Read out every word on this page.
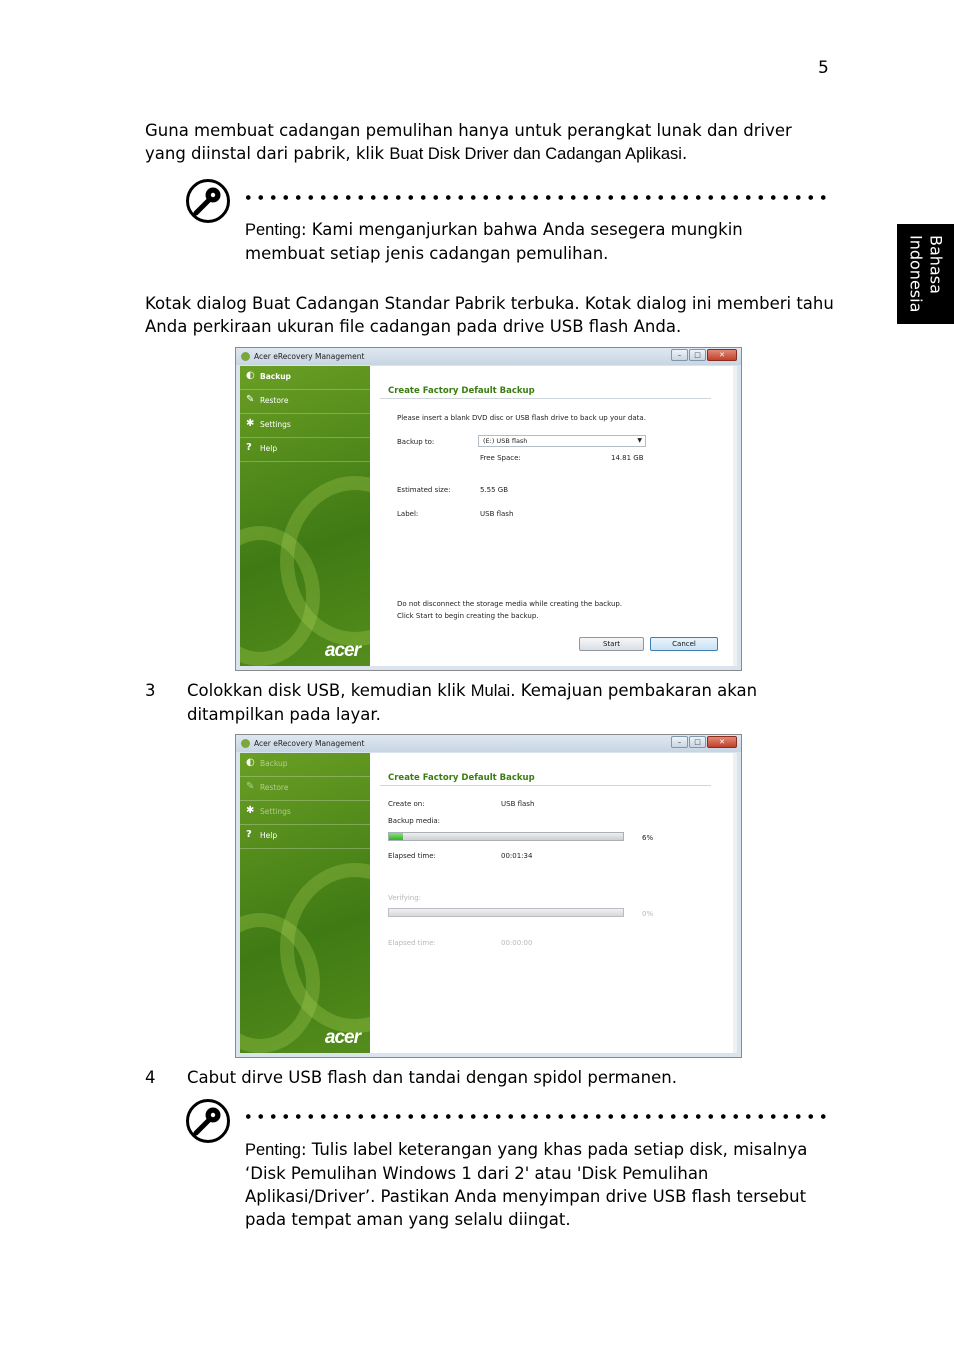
5
Bahasa
Indonesia

Guna membuat cadangan pemulihan hanya untuk perangkat lunak dan driver yang diinstal dari pabrik, klik Buat Disk Driver dan Cadangan Aplikasi.

Penting: Kami menganjurkan bahwa Anda sesegera mungkin membuat setiap jenis cadangan pemulihan.

Kotak dialog Buat Cadangan Standar Pabrik terbuka. Kotak dialog ini memberi tahu Anda perkiraan ukuran file cadangan pada drive USB flash Anda.

Acer eRecovery Management	–	□	✕
◐ Backup
✎ Restore
✱ Settings
? Help
acer
Create Factory Default Backup
Please insert a blank DVD disc or USB flash drive to back up your data.
Backup to:	(E:) USB flash	▼
Free Space:	14.81 GB
Estimated size:	5.55 GB
Label:	USB flash
Do not disconnect the storage media while creating the backup.
Click Start to begin creating the backup.
Start	Cancel
3 Colokkan disk USB, kemudian klik Mulai. Kemajuan pembakaran akan ditampilkan pada layar.

Acer eRecovery Management	–	□	✕
◐ Backup
✎ Restore
✱ Settings
? Help
acer
Create Factory Default Backup
Create on:	USB flash
Backup media:
6%
Elapsed time:	00:01:34
Verifying:
0%
Elapsed time:	00:00:00
4 Cabut dirve USB flash dan tandai dengan spidol permanen.

Penting: Tulis label keterangan yang khas pada setiap disk, misalnya ‘Disk Pemulihan Windows 1 dari 2' atau 'Disk Pemulihan Aplikasi/Driver’. Pastikan Anda menyimpan drive USB flash tersebut pada tempat aman yang selalu diingat.
